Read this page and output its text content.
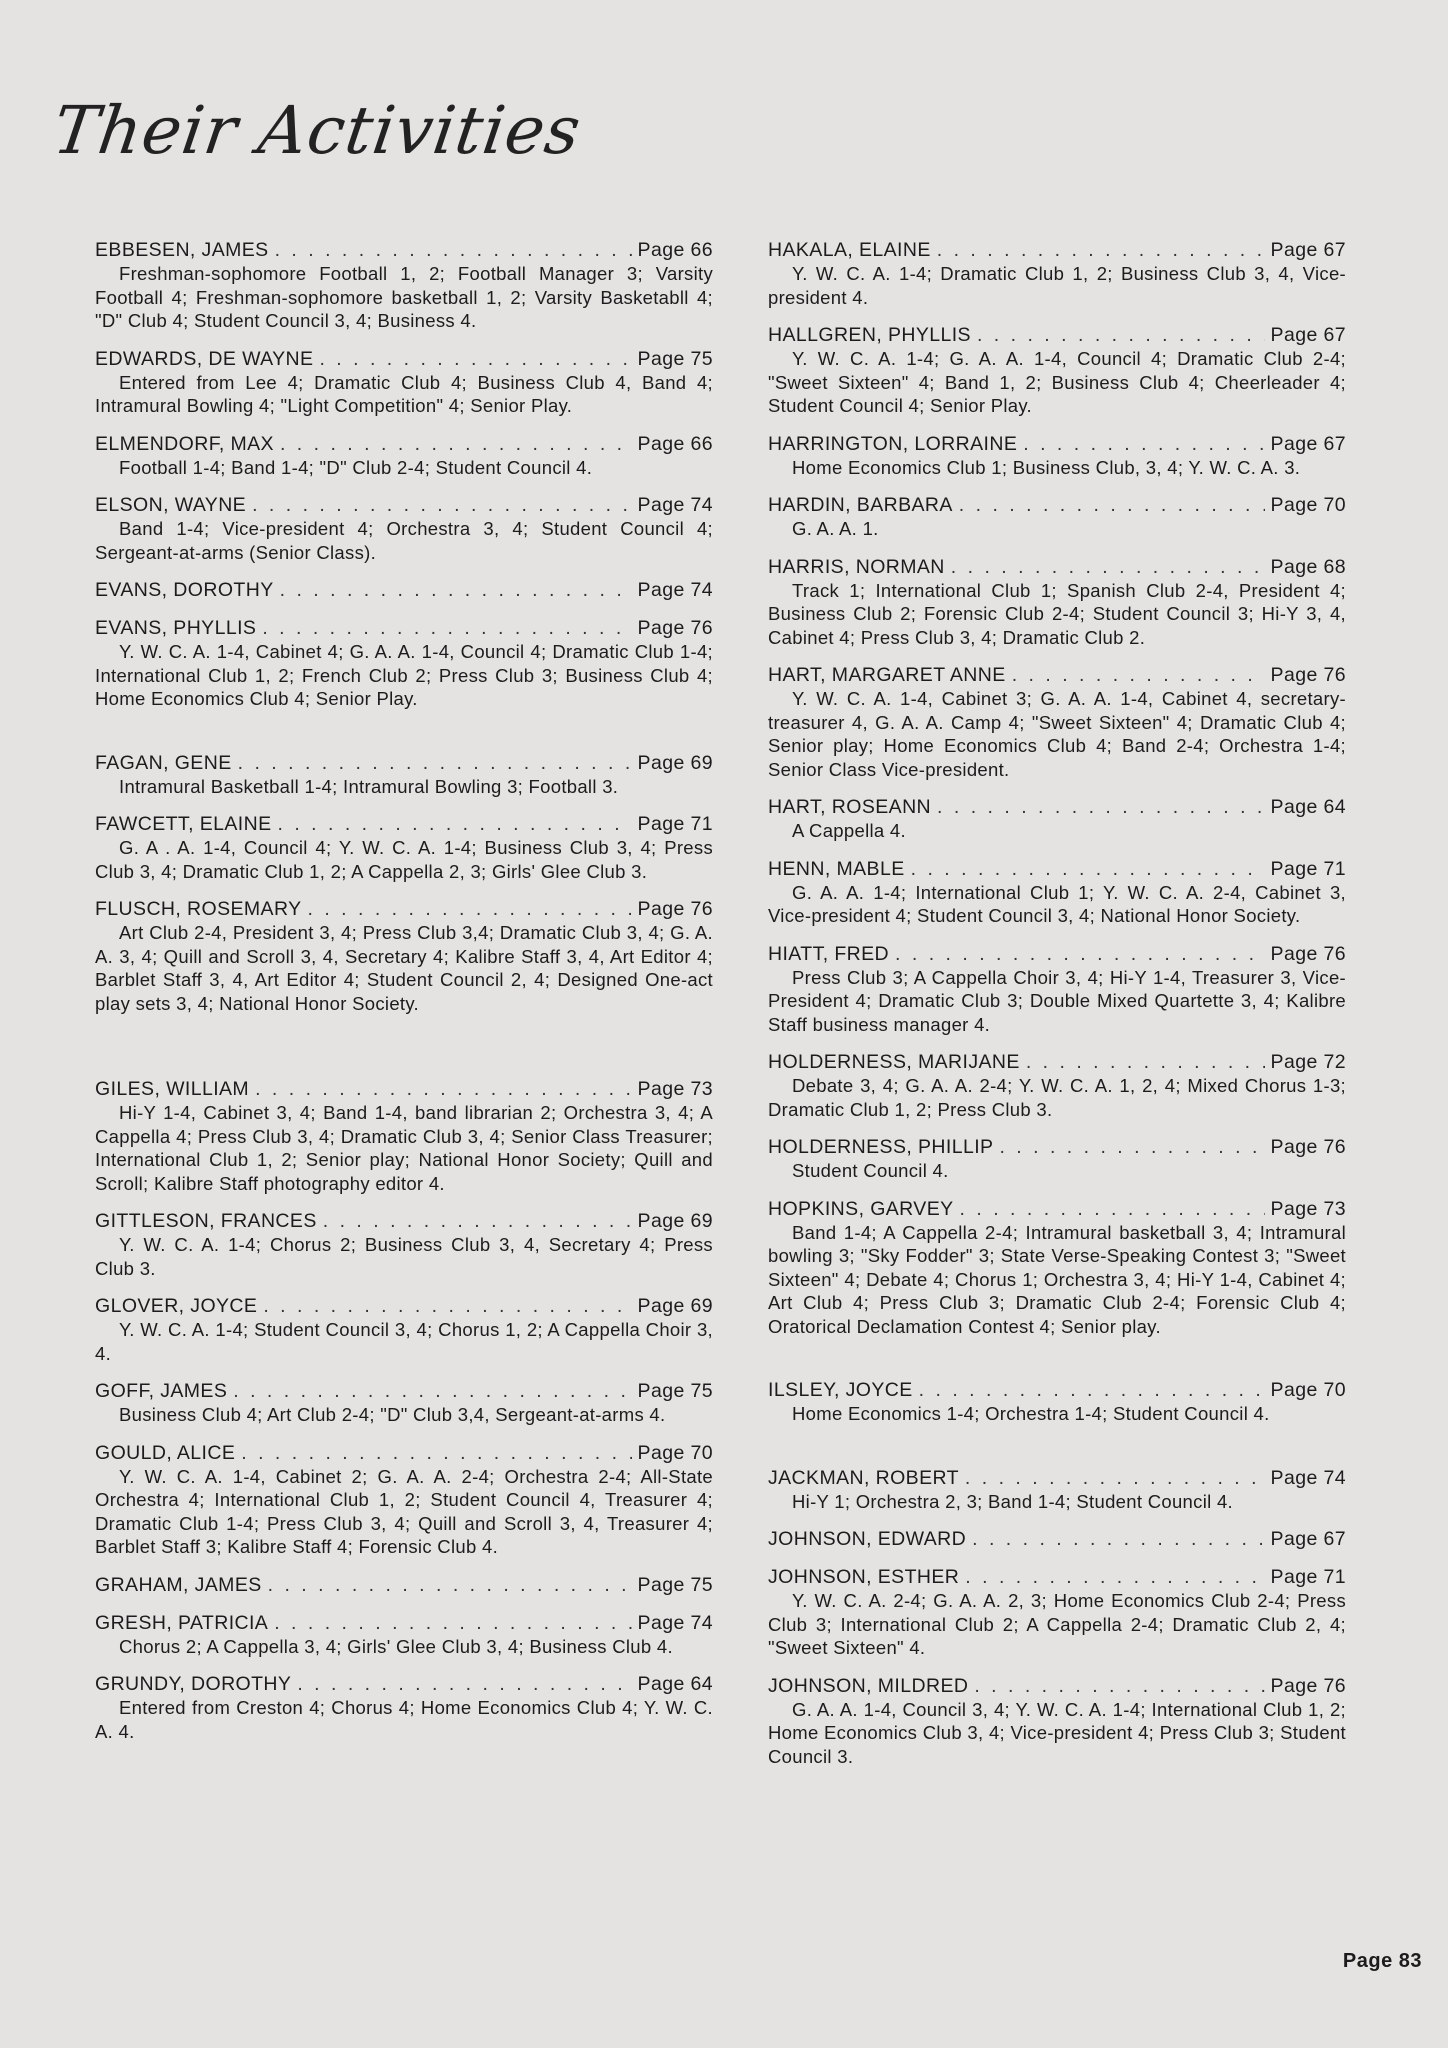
Their Activities
EBBESEN, JAMES . . .	Page 66

Freshman-sophomore Football 1, 2; Football Manager 3; Varsity Football 4; Freshman-sophomore basketball 1, 2; Varsity Basketabll 4; "D" Club 4; Student Council 3, 4; Business 4.

EDWARDS, DE WAYNE . . .	Page 75

Entered from Lee 4; Dramatic Club 4; Business Club 4, Band 4; Intramural Bowling 4; "Light Competition" 4; Senior Play.

ELMENDORF, MAX . . .	Page 66

Football 1-4; Band 1-4; "D" Club 2-4; Student Council 4.

ELSON, WAYNE . . .	Page 74

Band 1-4; Vice-president 4; Orchestra 3, 4; Student Council 4; Sergeant-at-arms (Senior Class).

EVANS, DOROTHY . . .	Page 74
EVANS, PHYLLIS . . .	Page 76

Y. W. C. A. 1-4, Cabinet 4; G. A. A. 1-4, Council 4; Dramatic Club 1-4; International Club 1, 2; French Club 2; Press Club 3; Business Club 4; Home Economics Club 4; Senior Play.

FAGAN, GENE . . .	Page 69

Intramural Basketball 1-4; Intramural Bowling 3; Football 3.

FAWCETT, ELAINE . . .	Page 71

G. A . A. 1-4, Council 4; Y. W. C. A. 1-4; Business Club 3, 4; Press Club 3, 4; Dramatic Club 1, 2; A Cappella 2, 3; Girls' Glee Club 3.

FLUSCH, ROSEMARY . . .	Page 76

Art Club 2-4, President 3, 4; Press Club 3,4; Dramatic Club 3, 4; G. A. A. 3, 4; Quill and Scroll 3, 4, Secretary 4; Kalibre Staff 3, 4, Art Editor 4; Barblet Staff 3, 4, Art Editor 4; Student Council 2, 4; Designed One-act play sets 3, 4; National Honor Society.

GILES, WILLIAM . . .	Page 73

Hi-Y 1-4, Cabinet 3, 4; Band 1-4, band librarian 2; Orchestra 3, 4; A Cappella 4; Press Club 3, 4; Dramatic Club 3, 4; Senior Class Treasurer; International Club 1, 2; Senior play; National Honor Society; Quill and Scroll; Kalibre Staff photography editor 4.

GITTLESON, FRANCES . . .	Page 69

Y. W. C. A. 1-4; Chorus 2; Business Club 3, 4, Secretary 4; Press Club 3.

GLOVER, JOYCE . . .	Page 69

Y. W. C. A. 1-4; Student Council 3, 4; Chorus 1, 2; A Cappella Choir 3, 4.

GOFF, JAMES . . .	Page 75

Business Club 4; Art Club 2-4; "D" Club 3,4, Sergeant-at-arms 4.

GOULD, ALICE . . .	Page 70

Y. W. C. A. 1-4, Cabinet 2; G. A. A. 2-4; Orchestra 2-4; All-State Orchestra 4; International Club 1, 2; Student Council 4, Treasurer 4; Dramatic Club 1-4; Press Club 3, 4; Quill and Scroll 3, 4, Treasurer 4; Barblet Staff 3; Kalibre Staff 4; Forensic Club 4.

GRAHAM, JAMES . . .	Page 75
GRESH, PATRICIA . . .	Page 74

Chorus 2; A Cappella 3, 4; Girls' Glee Club 3, 4; Business Club 4.

GRUNDY, DOROTHY . . .	Page 64

Entered from Creston 4; Chorus 4; Home Economics Club 4; Y. W. C. A. 4.

HAKALA, ELAINE . . .	Page 67

Y. W. C. A. 1-4; Dramatic Club 1, 2; Business Club 3, 4, Vice-president 4.

HALLGREN, PHYLLIS . . .	Page 67

Y. W. C. A. 1-4; G. A. A. 1-4, Council 4; Dramatic Club 2-4; "Sweet Sixteen" 4; Band 1, 2; Business Club 4; Cheerleader 4; Student Council 4; Senior Play.

HARRINGTON, LORRAINE . . .	Page 67

Home Economics Club 1; Business Club, 3, 4; Y. W. C. A. 3.

HARDIN, BARBARA . . .	Page 70

G. A. A. 1.

HARRIS, NORMAN . . .	Page 68

Track 1; International Club 1; Spanish Club 2-4, President 4; Business Club 2; Forensic Club 2-4; Student Council 3; Hi-Y 3, 4, Cabinet 4; Press Club 3, 4; Dramatic Club 2.

HART, MARGARET ANNE . . .	Page 76

Y. W. C. A. 1-4, Cabinet 3; G. A. A. 1-4, Cabinet 4, secretary-treasurer 4, G. A. A. Camp 4; "Sweet Sixteen" 4; Dramatic Club 4; Senior play; Home Economics Club 4; Band 2-4; Orchestra 1-4; Senior Class Vice-president.

HART, ROSEANN . . .	Page 64

A Cappella 4.

HENN, MABLE . . .	Page 71

G. A. A. 1-4; International Club 1; Y. W. C. A. 2-4, Cabinet 3, Vice-president 4; Student Council 3, 4; National Honor Society.

HIATT, FRED . . .	Page 76

Press Club 3; A Cappella Choir 3, 4; Hi-Y 1-4, Treasurer 3, Vice-President 4; Dramatic Club 3; Double Mixed Quartette 3, 4; Kalibre Staff business manager 4.

HOLDERNESS, MARIJANE . . .	Page 72

Debate 3, 4; G. A. A. 2-4; Y. W. C. A. 1, 2, 4; Mixed Chorus 1-3; Dramatic Club 1, 2; Press Club 3.

HOLDERNESS, PHILLIP . . .	Page 76

Student Council 4.

HOPKINS, GARVEY . . .	Page 73

Band 1-4; A Cappella 2-4; Intramural basketball 3, 4; Intramural bowling 3; "Sky Fodder" 3; State Verse-Speaking Contest 3; "Sweet Sixteen" 4; Debate 4; Chorus 1; Orchestra 3, 4; Hi-Y 1-4, Cabinet 4; Art Club 4; Press Club 3; Dramatic Club 2-4; Forensic Club 4; Oratorical Declamation Contest 4; Senior play.

ILSLEY, JOYCE . . .	Page 70

Home Economics 1-4; Orchestra 1-4; Student Council 4.

JACKMAN, ROBERT . . .	Page 74

Hi-Y 1; Orchestra 2, 3; Band 1-4; Student Council 4.

JOHNSON, EDWARD . . .	Page 67
JOHNSON, ESTHER . . .	Page 71

Y. W. C. A. 2-4; G. A. A. 2, 3; Home Economics Club 2-4; Press Club 3; International Club 2; A Cappella 2-4; Dramatic Club 2, 4; "Sweet Sixteen" 4.

JOHNSON, MILDRED . . .	Page 76

G. A. A. 1-4, Council 3, 4; Y. W. C. A. 1-4; International Club 1, 2; Home Economics Club 3, 4; Vice-president 4; Press Club 3; Student Council 3.

Page 83
